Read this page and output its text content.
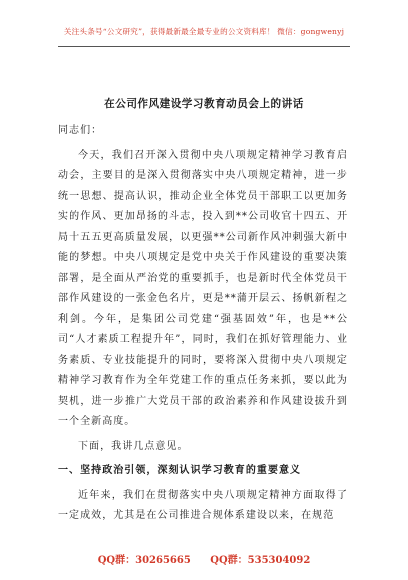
关注头条号“公文研究”，获得最新最全最专业的公文资料库！ 微信：gongwenyj
在公司作风建设学习教育动员会上的讲话

同志们：

今天，我们召开深入贯彻中央八项规定精神学习教育启动会，主要目的是深入贯彻落实中央八项规定精神，进一步统一思想、提高认识，推动企业全体党员干部职工以更加务实的作风、更加昂扬的斗志，投入到**公司收官十四五、开局十五五更高质量发展，以更强**公司新作风冲刺强大新中能的梦想。中央八项规定是党中央关于作风建设的重要决策部署，是全面从严治党的重要抓手，也是新时代全体党员干部作风建设的一张金色名片，更是**蒲开层云、扬帆新程之利剑。今年，是集团公司党建“强基固效”年，也是**公司“人才素质工程提升年”，同时，我们在抓好管理能力、业务素质、专业技能提升的同时，要将深入贯彻中央八项规定精神学习教育作为全年党建工作的重点任务来抓，要以此为契机，进一步推广大党员干部的政治素养和作风建设拔升到一个全新高度。

下面，我讲几点意见。

一、坚持政治引领，深刻认识学习教育的重要意义

近年来，我们在贯彻落实中央八项规定精神方面取得了一定成效，尤其是在公司推进合规体系建设以来，在规范

QQ群：30265665 QQ群：535304092
